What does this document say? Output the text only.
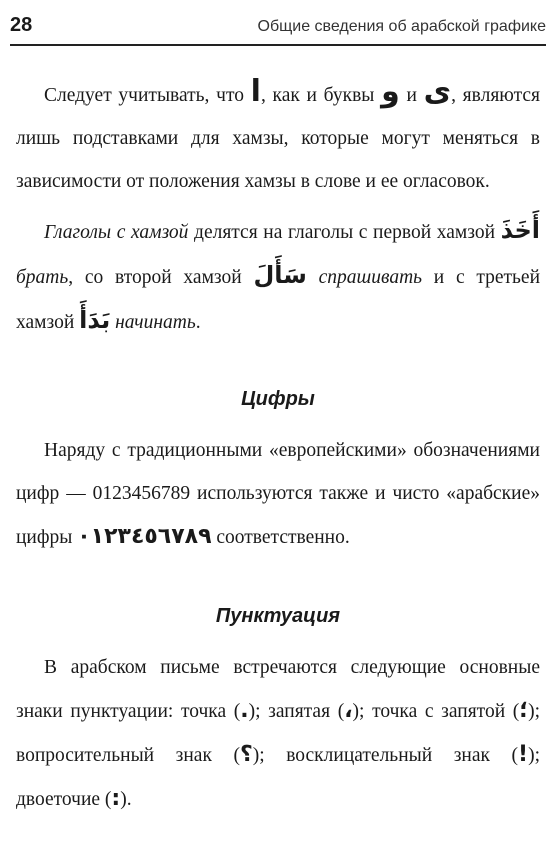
28	Общие сведения об арабской графике

Следует учитывать, что ا, как и буквы و и ى, являются лишь подставками для хамзы, которые могут меняться в зависимости от положения хамзы в слове и ее огласовок.

Глаголы с хамзой делятся на глаголы с первой хамзой أَخَذَ брать, со второй хамзой سَأَلَ спрашивать и с третьей хамзой بَدَأَ начинать.

Цифры

Наряду с традиционными «европейскими» обозначениями цифр — 0123456789 используются также и чисто «арабские» цифры ٠١٢٣٤٥٦٧٨٩ соответственно.

Пунктуация

В арабском письме встречаются следующие основные знаки пунктуации: точка (.); запятая (،); точка с запятой (؛); вопросительный знак (؟); восклицательный знак (!); двоеточие (:).
